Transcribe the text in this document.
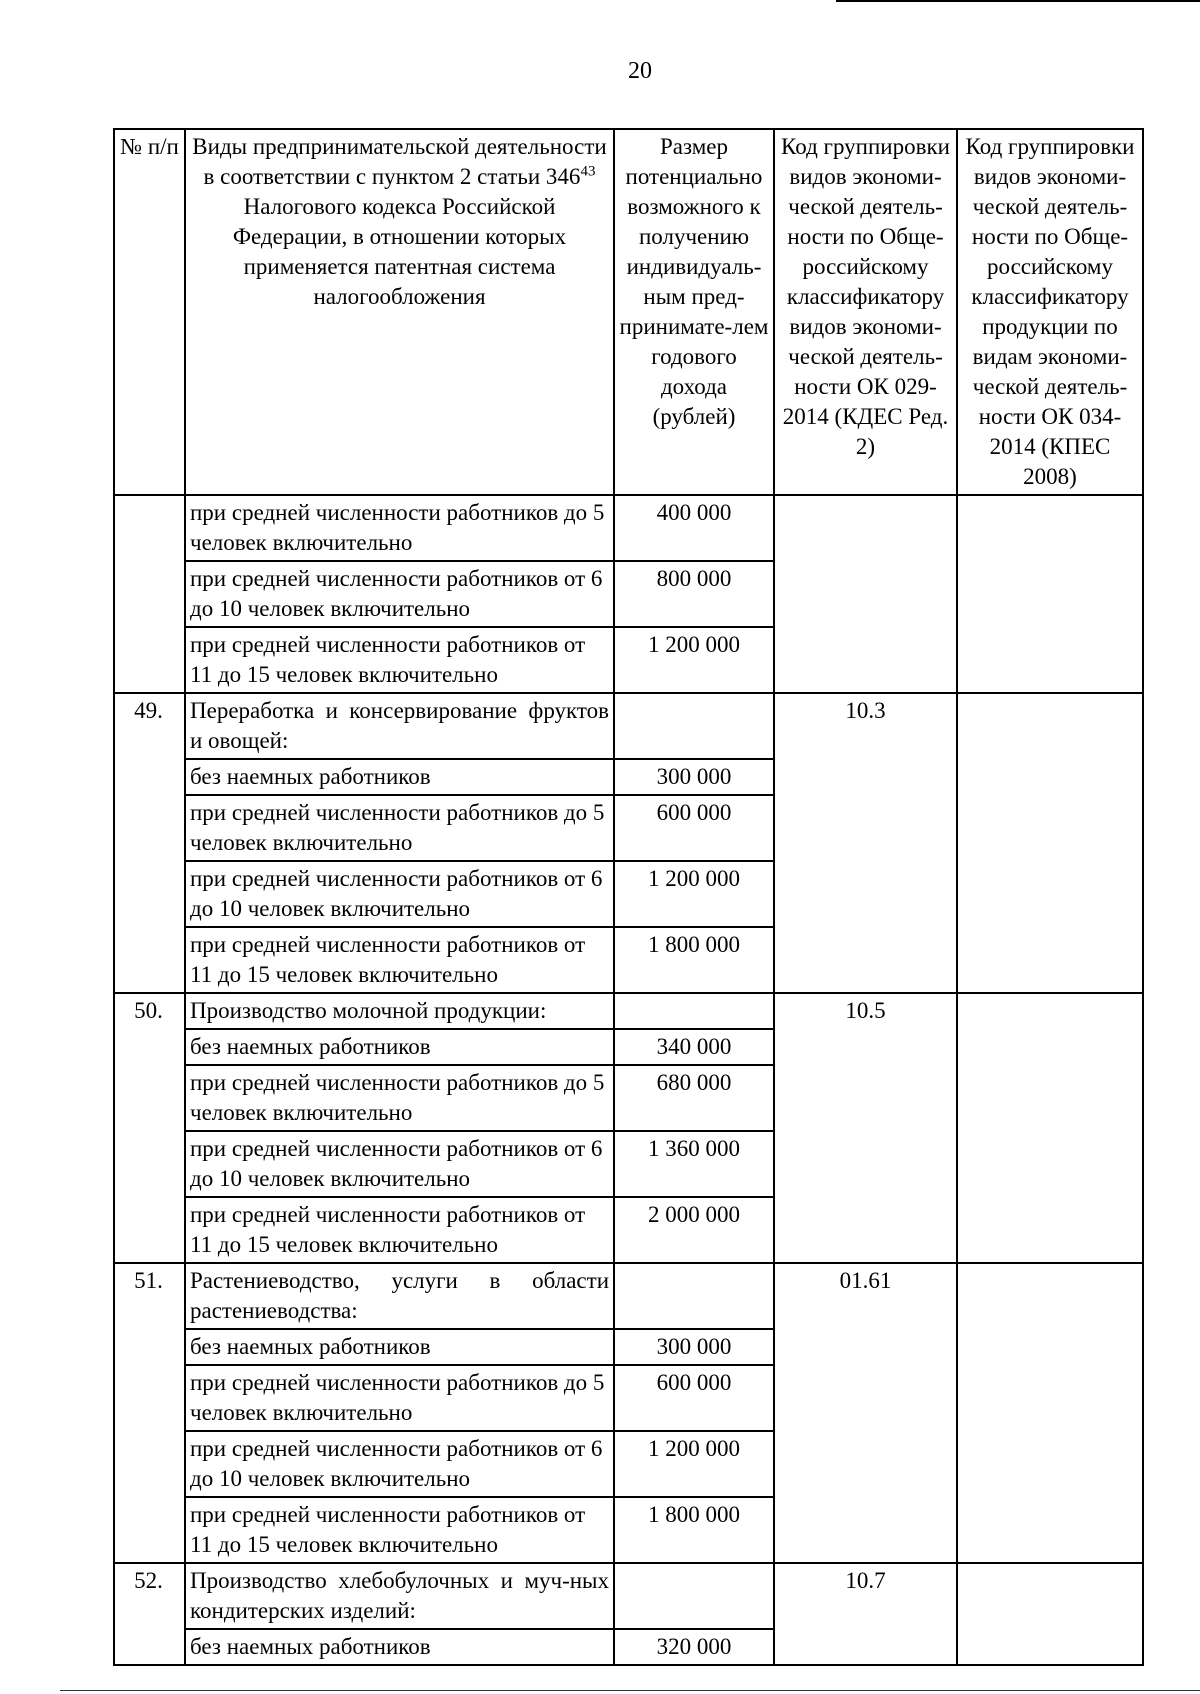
20
№ п/п	Виды предпринимательской деятельности в соответствии с пунктом 2 статьи $346^{43}$ Налогового кодекса Российской Федерации, в отношении которых применяется патентная система налогообложения	Размер потенциально возможного к получению индивидуаль-ным пред-принимате-лем годового дохода (рублей)	Код группировки видов экономи-ческой деятель-ности по Обще-российскому классификатору видов экономи-ческой деятель-ности ОК 029-2014 (КДЕС Ред. 2)	Код группировки видов экономи-ческой деятель-ности по Обще-российскому классификатору продукции по видам экономи-ческой деятель-ности ОК 034-2014 (КПЕС 2008)
	при средней численности работников до 5 человек включительно	400 000		
	при средней численности работников от 6 до 10 человек включительно	800 000		
	при средней численности работников от 11 до 15 человек включительно	1 200 000		
49.	Переработка и консервирование фруктов и овощей:		10.3	
	без наемных работников	300 000		
	при средней численности работников до 5 человек включительно	600 000		
	при средней численности работников от 6 до 10 человек включительно	1 200 000		
	при средней численности работников от 11 до 15 человек включительно	1 800 000		
50.	Производство молочной продукции:		10.5	
	без наемных работников	340 000		
	при средней численности работников до 5 человек включительно	680 000		
	при средней численности работников от 6 до 10 человек включительно	1 360 000		
	при средней численности работников от 11 до 15 человек включительно	2 000 000		
51.	Растениеводство, услуги в области растениеводства:		01.61	
	без наемных работников	300 000		
	при средней численности работников до 5 человек включительно	600 000		
	при средней численности работников от 6 до 10 человек включительно	1 200 000		
	при средней численности работников от 11 до 15 человек включительно	1 800 000		
52.	Производство хлебобулочных и муч-ных кондитерских изделий:		10.7	
	без наемных работников	320 000		
